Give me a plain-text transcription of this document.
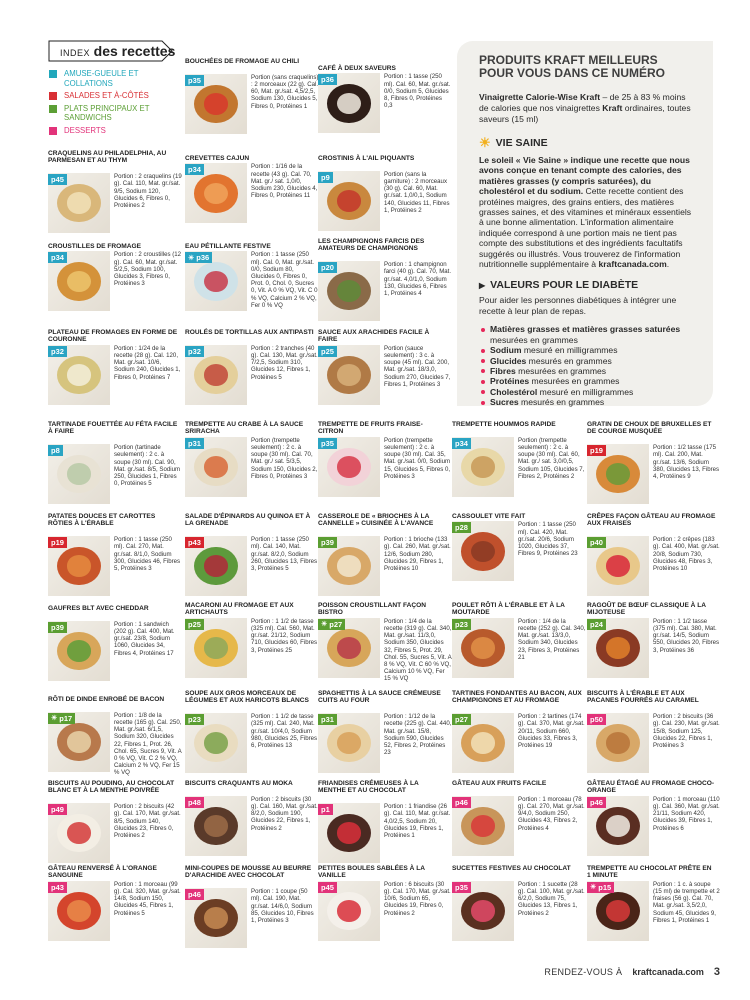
INDEX des recettes
AMUSE-GUEULE ET COLLATIONS
SALADES ET À-CÔTÉS
PLATS PRINCIPAUX ET SANDWICHS
DESSERTS
CRAQUELINS AU PHILADELPHIA, AU PARMESAN ET AU THYM
p45	Portion : 2 craquelins (19 g). Cal. 110, Mat. gr./sat. 9/5, Sodium 120, Glucides 6, Fibres 0, Protéines 2
CROUSTILLES DE FROMAGE
p34	Portion : 2 croustilles (12 g). Cal. 60, Mat. gr./sat. 5/2,5, Sodium 100, Glucides 3, Fibres 0, Protéines 3
PLATEAU DE FROMAGES EN FORME DE COURONNE
p32	Portion : 1/24 de la recette (28 g). Cal. 120, Mat. gr./sat. 10/6, Sodium 240, Glucides 1, Fibres 0, Protéines 7
TARTINADE FOUETTÉE AU FÉTA FACILE À FAIRE
p8	Portion (tartinade seulement) : 2 c. à soupe (30 ml). Cal. 90, Mat. gr./sat. 8/5, Sodium 250, Glucides 1, Fibres 0, Protéines 5
PATATES DOUCES ET CAROTTES RÔTIES À L'ÉRABLE
p19	Portion : 1 tasse (250 ml). Cal. 270, Mat. gr./sat. 8/1,0, Sodium 300, Glucides 46, Fibres 5, Protéines 3
GAUFRES BLT AVEC CHEDDAR
p39	Portion : 1 sandwich (202 g). Cal. 400, Mat. gr./sat. 23/8, Sodium 1060, Glucides 34, Fibres 4, Protéines 17
RÔTI DE DINDE ENROBÉ DE BACON
☀ p17	Portion : 1/8 de la recette (165 g). Cal. 250, Mat. gr./sat. 6/1,5, Sodium 320, Glucides 22, Fibres 1, Prot. 26, Chol. 65, Sucres 9, Vit. A 0 % VQ, Vit. C 2 % VQ, Calcium 2 % VQ, Fer 15 % VQ
BISCUITS AU POUDING, AU CHOCOLAT BLANC ET À LA MENTHE POIVRÉE
p49	Portion : 2 biscuits (42 g). Cal. 170, Mat. gr./sat. 8/5, Sodium 140, Glucides 23, Fibres 0, Protéines 2
GÂTEAU RENVERSÉ À L'ORANGE SANGUINE
p43	Portion : 1 morceau (99 g). Cal. 320, Mat. gr./sat. 14/8, Sodium 150, Glucides 45, Fibres 1, Protéines 5
BOUCHÉES DE FROMAGE AU CHILI
p35	Portion (sans craquelins) : 2 morceaux (22 g). Cal. 60, Mat. gr./sat. 4,5/2,5, Sodium 130, Glucides 5, Fibres 0, Protéines 1
CREVETTES CAJUN
p34	Portion : 1/16 de la recette (43 g). Cal. 70, Mat. gr./ sat. 1,0/0, Sodium 230, Glucides 4, Fibres 0, Protéines 11
EAU PÉTILLANTE FESTIVE
☀ p36	Portion : 1 tasse (250 ml). Cal. 0, Mat. gr./sat. 0/0, Sodium 80, Glucides 0, Fibres 0, Prot. 0, Chol. 0, Sucres 0, Vit. A 0 % VQ, Vit. C 0 % VQ, Calcium 2 % VQ, Fer 0 % VQ
ROULÉS DE TORTILLAS AUX ANTIPASTI
p32	Portion : 2 tranches (40 g). Cal. 130, Mat. gr./sat. 7/2,5, Sodium 310, Glucides 12, Fibres 1, Protéines 5
TREMPETTE AU CRABE À LA SAUCE SRIRACHA
p31	Portion (trempette seulement) : 2 c. à soupe (30 ml). Cal. 70, Mat. gr./ sat. 5/3,5, Sodium 150, Glucides 2, Fibres 0, Protéines 3
SALADE D'ÉPINARDS AU QUINOA ET À LA GRENADE
p43	Portion : 1 tasse (250 ml). Cal. 140, Mat. gr./sat. 8/2,0, Sodium 260, Glucides 13, Fibres 3, Protéines 5
MACARONI AU FROMAGE ET AUX ARTICHAUTS
p25	Portion : 1 1/2 de tasse (325 ml). Cal. 560, Mat. gr./sat. 21/12, Sodium 710, Glucides 60, Fibres 3, Protéines 25
SOUPE AUX GROS MORCEAUX DE LÉGUMES ET AUX HARICOTS BLANCS
p23	Portion : 1 1/2 de tasse (325 ml). Cal. 240, Mat. gr./sat. 10/4,0, Sodium 980, Glucides 25, Fibres 6, Protéines 13
BISCUITS CRAQUANTS AU MOKA
p48	Portion : 2 biscuits (30 g). Cal. 160, Mat. gr./sat. 8/2,0, Sodium 190, Glucides 22, Fibres 1, Protéines 2
MINI-COUPES DE MOUSSE AU BEURRE D'ARACHIDE AVEC CHOCOLAT
p46	Portion : 1 coupe (50 ml). Cal. 190, Mat. gr./sat. 14/6,0, Sodium 85, Glucides 10, Fibres 1, Protéines 3
CAFÉ À DEUX SAVEURS
p36	Portion : 1 tasse (250 ml). Cal. 60, Mat. gr./sat. 0/0, Sodium 5, Glucides 8, Fibres 0, Protéines 0,3
CROSTINIS À L'AIL PIQUANTS
p9	Portion (sans la garniture) : 2 morceaux (30 g). Cal. 60, Mat. gr./sat. 1,0/0,1, Sodium 140, Glucides 11, Fibres 1, Protéines 2
LES CHAMPIGNONS FARCIS DES AMATEURS DE CHAMPIGNONS
p20	Portion : 1 champignon farci (40 g). Cal. 70, Mat. gr./sat. 4,0/1,0, Sodium 130, Glucides 6, Fibres 1, Protéines 4
SAUCE AUX ARACHIDES FACILE À FAIRE
p25	Portion (sauce seulement) : 3 c. à soupe (45 ml). Cal. 200, Mat. gr./sat. 18/3,0, Sodium 270, Glucides 7, Fibres 1, Protéines 3
TREMPETTE DE FRUITS FRAISE-CITRON
p35	Portion (trempette seulement) : 2 c. à soupe (30 ml). Cal. 35, Mat. gr./sat. 0/0, Sodium 15, Glucides 5, Fibres 0, Protéines 3
CASSEROLE DE « BRIOCHES À LA CANNELLE » CUISINÉE À L'AVANCE
p39	Portion : 1 brioche (133 g). Cal. 260, Mat. gr./sat. 12/6, Sodium 280, Glucides 29, Fibres 1, Protéines 10
POISSON CROUSTILLANT FAÇON BISTRO
☀ p27	Portion : 1/4 de la recette (319 g). Cal. 340, Mat. gr./sat. 11/3,0, Sodium 350, Glucides 32, Fibres 5, Prot. 29, Chol. 55, Sucres 5, Vit. A 8 % VQ, Vit. C 60 % VQ, Calcium 10 % VQ, Fer 15 % VQ
SPAGHETTIS À LA SAUCE CRÉMEUSE CUITS AU FOUR
p31	Portion : 1/12 de la recette (225 g). Cal. 440, Mat. gr./sat. 15/8, Sodium 590, Glucides 52, Fibres 2, Protéines 23
FRIANDISES CRÉMEUSES À LA MENTHE ET AU CHOCOLAT
p1	Portion : 1 friandise (26 g). Cal. 110, Mat. gr./sat. 4,0/2,5, Sodium 20, Glucides 19, Fibres 1, Protéines 1
PETITES BOULES SABLÉES À LA VANILLE
p45	Portion : 6 biscuits (30 g). Cal. 170, Mat. gr./sat. 10/6, Sodium 65, Glucides 19, Fibres 0, Protéines 2
TREMPETTE HOUMMOS RAPIDE
p34	Portion (trempette seulement) : 2 c. à soupe (30 ml). Cal. 60, Mat. gr./ sat. 3,0/0,5, Sodium 105, Glucides 7, Fibres 2, Protéines 2
CASSOULET VITE FAIT
p28	Portion : 1 tasse (250 ml). Cal. 420, Mat. gr./sat. 20/6, Sodium 1020, Glucides 37, Fibres 9, Protéines 23
POULET RÔTI À L'ÉRABLE ET À LA MOUTARDE
p23	Portion : 1/4 de la recette (252 g). Cal. 340, Mat. gr./sat. 13/3,0, Sodium 340, Glucides 23, Fibres 3, Protéines 21
TARTINES FONDANTES AU BACON, AUX CHAMPIGNONS ET AU FROMAGE
p27	Portion : 2 tartines (174 g). Cal. 370, Mat. gr./sat. 20/11, Sodium 660, Glucides 33, Fibres 3, Protéines 19
GÂTEAU AUX FRUITS FACILE
p46	Portion : 1 morceau (78 g). Cal. 270, Mat. gr./sat. 9/4,0, Sodium 250, Glucides 43, Fibres 2, Protéines 4
SUCETTES FESTIVES AU CHOCOLAT
p35	Portion : 1 sucette (28 g). Cal. 100, Mat. gr./sat. 6/2,0, Sodium 75, Glucides 13, Fibres 1, Protéines 2
GRATIN DE CHOUX DE BRUXELLES ET DE COURGE MUSQUÉE
p19	Portion : 1/2 tasse (175 ml). Cal. 200, Mat. gr./sat. 13/6, Sodium 380, Glucides 13, Fibres 4, Protéines 9
CRÊPES FAÇON GÂTEAU AU FROMAGE AUX FRAISES
p40	Portion : 2 crêpes (183 g). Cal. 400, Mat. gr./sat. 20/8, Sodium 730, Glucides 48, Fibres 3, Protéines 10
RAGOÛT DE BŒUF CLASSIQUE À LA MIJOTEUSE
p24	Portion : 1 1/2 tasse (375 ml). Cal. 380, Mat. gr./sat. 14/5, Sodium 550, Glucides 20, Fibres 3, Protéines 36
BISCUITS À L'ÉRABLE ET AUX PACANES FOURRÉS AU CARAMEL
p50	Portion : 2 biscuits (36 g). Cal. 230, Mat. gr./sat. 15/8, Sodium 125, Glucides 22, Fibres 1, Protéines 3
GÂTEAU ÉTAGÉ AU FROMAGE CHOCO-ORANGE
p46	Portion : 1 morceau (110 g). Cal. 360, Mat. gr./sat. 21/11, Sodium 420, Glucides 39, Fibres 1, Protéines 6
TREMPETTE AU CHOCOLAT PRÊTE EN 1 MINUTE
☀ p15	Portion : 1 c. à soupe (15 ml) de trempette et 2 fraises (56 g). Cal. 70, Mat. gr./sat. 3,5/2,0, Sodium 45, Glucides 9, Fibres 1, Protéines 1
PRODUITS KRAFT MEILLEURS POUR VOUS DANS CE NUMÉRO

Vinaigrette Calorie-Wise Kraft – de 25 à 83 % moins de calories que nos vinaigrettes Kraft ordinaires, toutes saveurs (15 ml)

☀ VIE SAINE

Le soleil « Vie Saine » indique une recette que nous avons conçue en tenant compte des calories, des matières grasses (y compris saturées), du cholestérol et du sodium. Cette recette contient des protéines maigres, des grains entiers, des matières grasses saines, et des vitamines et minéraux essentiels à une bonne alimentation. L'information alimentaire indiquée correspond à une portion mais ne tient pas compte des substitutions et des ingrédients facultatifs suggérés ou illustrés. Vous trouverez de l'information nutritionnelle supplémentaire à kraftcanada.com.

▶ VALEURS POUR LE DIABÈTE

Pour aider les personnes diabétiques à intégrer une recette à leur plan de repas.

Matières grasses et matières grasses saturées mesurées en grammes
Sodium mesuré en milligrammes
Glucides mesurés en grammes
Fibres mesurées en grammes
Protéines mesurées en grammes
Cholestérol mesuré en milligrammes
Sucres mesurés en grammes
RENDEZ-VOUS À kraftcanada.com 3
